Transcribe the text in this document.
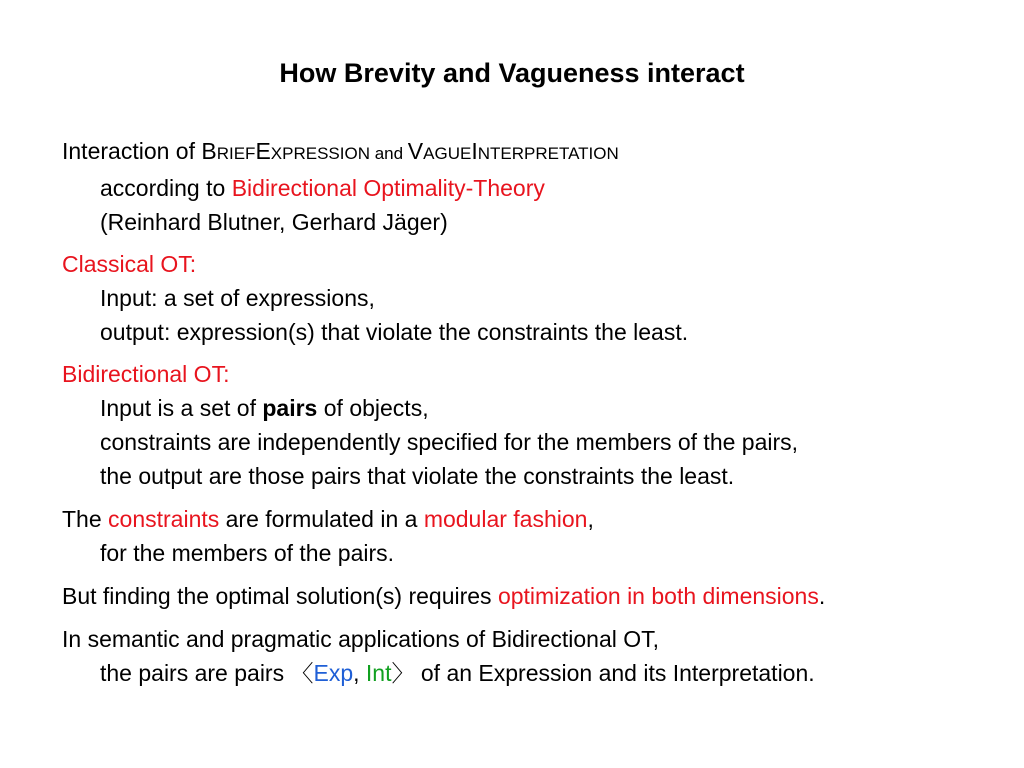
How Brevity and Vagueness interact
Interaction of BRIEFEXPRESSION and VAGUEINTERPRETATION
according to Bidirectional Optimality-Theory
(Reinhard Blutner, Gerhard Jäger)
Classical OT:
Input: a set of expressions,
output: expression(s) that violate the constraints the least.
Bidirectional OT:
Input is a set of pairs of objects,
constraints are independently specified for the members of the pairs,
the output are those pairs that violate the constraints the least.
The constraints are formulated in a modular fashion,
for the members of the pairs.
But finding the optimal solution(s) requires optimization in both dimensions.
In semantic and pragmatic applications of Bidirectional OT,
the pairs are pairs 〈Exp, Int〉 of an Expression and its Interpretation.
